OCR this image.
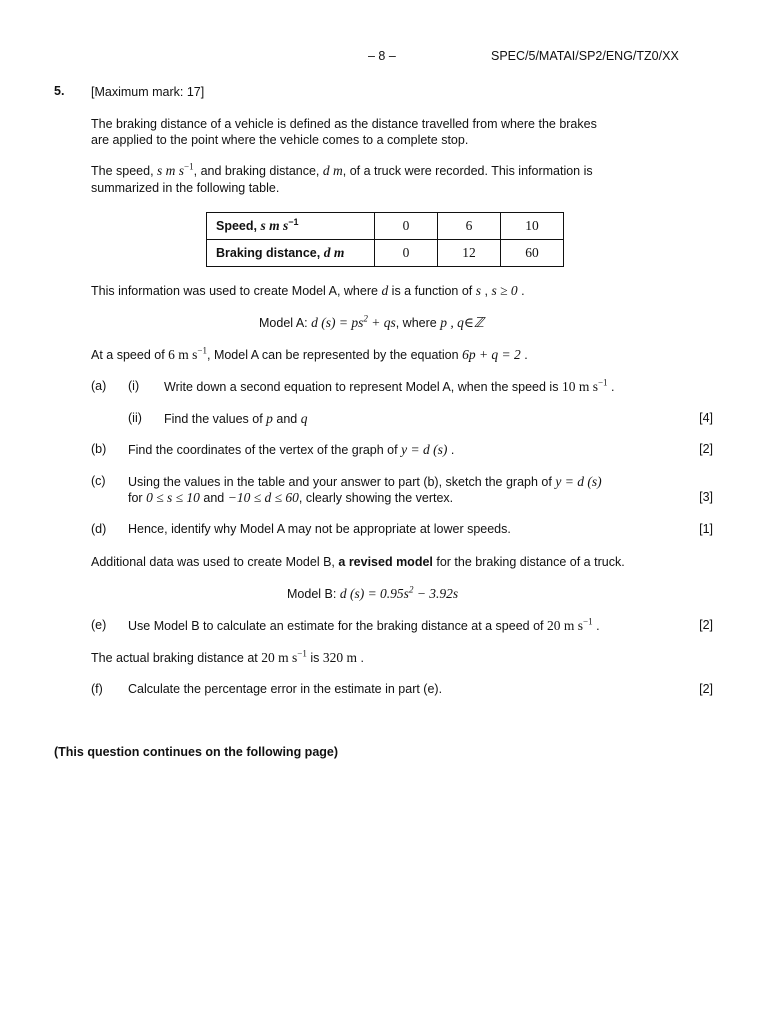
– 8 –	SPEC/5/MATAI/SP2/ENG/TZ0/XX
5. [Maximum mark: 17]
The braking distance of a vehicle is defined as the distance travelled from where the brakes
are applied to the point where the vehicle comes to a complete stop.
The speed, s m $s^{-1}$, and braking distance, d m, of a truck were recorded. This information is
summarized in the following table.
Speed, s m $s^{-1}$	0	6	10
Braking distance, d m	0	12	60
This information was used to create Model A, where d is a function of s , s ≥ 0 .
Model A: d $(s) = ps^2$ + qs, where p , q∈ℤ
At a speed of 6 m $s^{-1}$, Model A can be represented by the equation 6p + q = 2 .
(a) (i) Write down a second equation to represent Model A, when the speed is 10 m $s^{-1}$ .
(ii) Find the values of p and q	[4]
(b) Find the coordinates of the vertex of the graph of y = d (s) .	[2]
(c) Using the values in the table and your answer to part (b), sketch the graph of y = d (s)
for 0 ≤ s ≤ 10 and −10 ≤ d ≤ 60, clearly showing the vertex.	[3]
(d) Hence, identify why Model A may not be appropriate at lower speeds.	[1]
Additional data was used to create Model B, a revised model for the braking distance of a truck.
Model B: d $(s) = 0.95s^2 - 3.92s$
(e) Use Model B to calculate an estimate for the braking distance at a speed of 20 m $s^{-1}$ .	[2]
The actual braking distance at 20 m $s^{-1}$ is 320 m .
(f) Calculate the percentage error in the estimate in part (e).	[2]
(This question continues on the following page)
